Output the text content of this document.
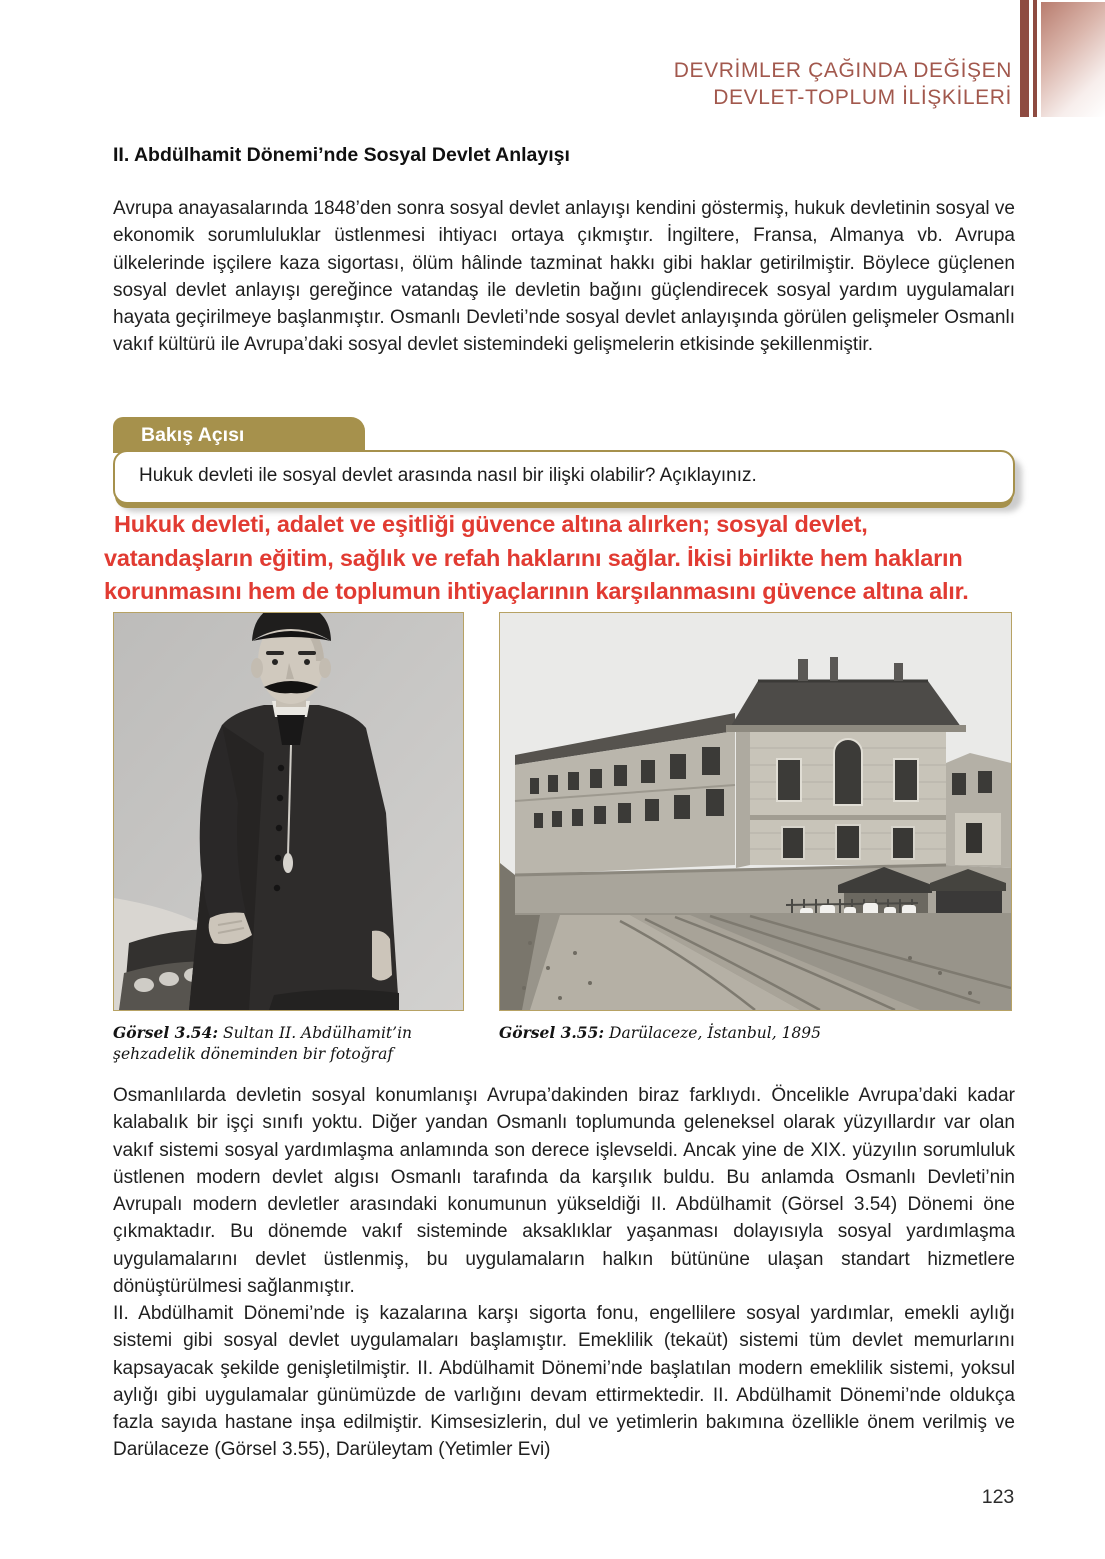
DEVRİMLER ÇAĞINDA DEĞİŞEN
DEVLET-TOPLUM İLİŞKİLERİ
II. Abdülhamit Dönemi’nde Sosyal Devlet Anlayışı
Avrupa anayasalarında 1848’den sonra sosyal devlet anlayışı kendini göstermiş, hukuk devletinin sosyal ve ekonomik sorumluluklar üstlenmesi ihtiyacı ortaya çıkmıştır. İngiltere, Fransa, Almanya vb. Avrupa ülkelerinde işçilere kaza sigortası, ölüm hâlinde tazminat hakkı gibi haklar getirilmiştir. Böylece güçlenen sosyal devlet anlayışı gereğince vatandaş ile devletin bağını güçlendirecek sosyal yardım uygulamaları hayata geçirilmeye başlanmıştır. Osmanlı Devleti’nde sosyal devlet anlayışında görülen gelişmeler Osmanlı vakıf kültürü ile Avrupa’daki sosyal devlet sistemindeki gelişmelerin etkisinde şekillenmiştir.
Bakış Açısı
Hukuk devleti ile sosyal devlet arasında nasıl bir ilişki olabilir? Açıklayınız.
Hukuk devleti, adalet ve eşitliği güvence altına alırken; sosyal devlet,
vatandaşların eğitim, sağlık ve refah haklarını sağlar. İkisi birlikte hem hakların
korunmasını hem de toplumun ihtiyaçlarının karşılanmasını güvence altına alır.
Görsel 3.54: Sultan II. Abdülhamit’in şehzadelik döneminden bir fotoğraf
Görsel 3.55: Darülaceze, İstanbul, 1895
Osmanlılarda devletin sosyal konumlanışı Avrupa’dakinden biraz farklıydı. Öncelikle Avrupa’daki kadar kalabalık bir işçi sınıfı yoktu. Diğer yandan Osmanlı toplumunda geleneksel olarak yüzyıllardır var olan vakıf sistemi sosyal yardımlaşma anlamında son derece işlevseldi. Ancak yine de XIX. yüzyılın sorumluluk üstlenen modern devlet algısı Osmanlı tarafında da karşılık buldu. Bu anlamda Osmanlı Devleti’nin Avrupalı modern devletler arasındaki konumunun yükseldiği II. Abdülhamit (Görsel 3.54) Dönemi öne çıkmaktadır. Bu dönemde vakıf sisteminde aksaklıklar yaşanması dolayısıyla sosyal yardımlaşma uygulamalarını devlet üstlenmiş, bu uygulamaların halkın bütününe ulaşan standart hizmetlere dönüştürülmesi sağlanmıştır.
II. Abdülhamit Dönemi’nde iş kazalarına karşı sigorta fonu, engellilere sosyal yardımlar, emekli aylığı sistemi gibi sosyal devlet uygulamaları başlamıştır. Emeklilik (tekaüt) sistemi tüm devlet memurlarını kapsayacak şekilde genişletilmiştir. II. Abdülhamit Dönemi’nde başlatılan modern emeklilik sistemi, yoksul aylığı gibi uygulamalar günümüzde de varlığını devam ettirmektedir. II. Abdülhamit Dönemi’nde oldukça fazla sayıda hastane inşa edilmiştir. Kimsesizlerin, dul ve yetimlerin bakımına özellikle önem verilmiş ve Darülaceze (Görsel 3.55), Darüleytam (Yetimler Evi)
123
